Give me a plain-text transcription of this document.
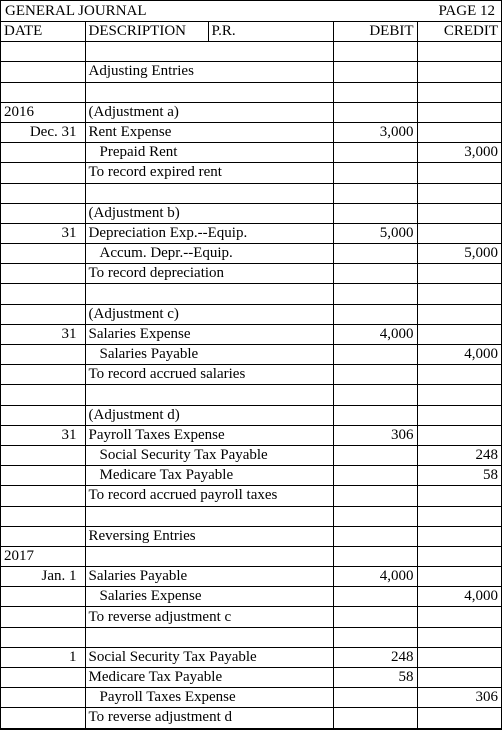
GENERAL JOURNAL	PAGE 12
DATE	DESCRIPTION	P.R.	DEBIT	CREDIT

	Adjusting Entries			

2016	(Adjustment a)			
Dec. 31	Rent Expense		3,000	
	Prepaid Rent			3,000
	To record expired rent			

	(Adjustment b)			
31	Depreciation Exp.--Equip.		5,000	
	Accum. Depr.--Equip.			5,000
	To record depreciation			

	(Adjustment c)			
31	Salaries Expense		4,000	
	Salaries Payable			4,000
	To record accrued salaries			

	(Adjustment d)			
31	Payroll Taxes Expense		306	
	Social Security Tax Payable			248
	Medicare Tax Payable			58
	To record accrued payroll taxes			

	Reversing Entries			
2017				
Jan. 1	Salaries Payable		4,000	
	Salaries Expense			4,000
	To reverse adjustment c			

1	Social Security Tax Payable		248	
	Medicare Tax Payable		58	
	Payroll Taxes Expense			306
	To reverse adjustment d			
